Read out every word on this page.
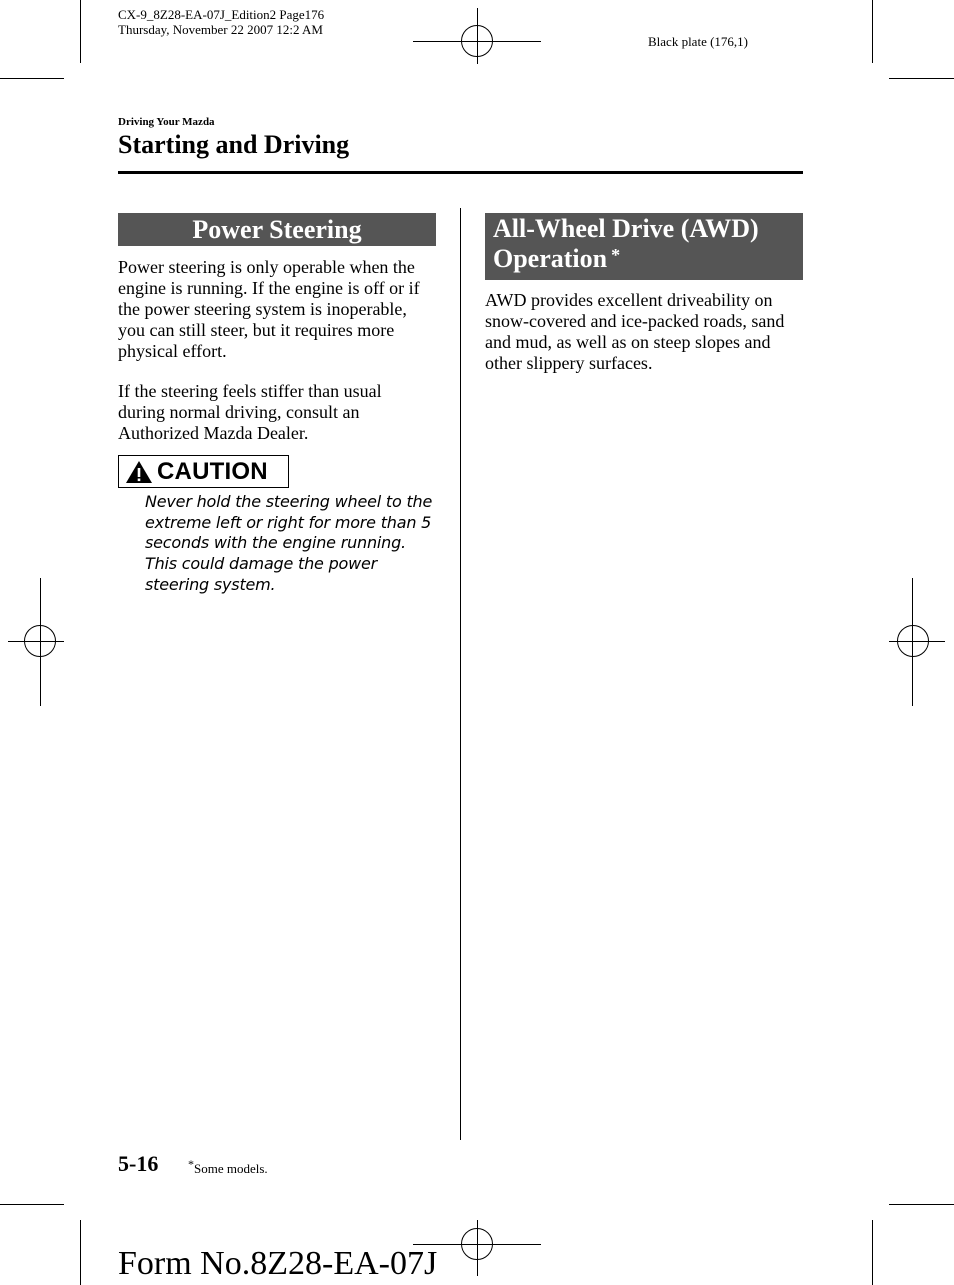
CX-9_8Z28-EA-07J_Edition2 Page176
Thursday, November 22 2007 12:2 AM
Black plate (176,1)
Driving Your Mazda
Starting and Driving
Power Steering
Power steering is only operable when the
engine is running. If the engine is off or if
the power steering system is inoperable,
you can still steer, but it requires more
physical effort.
If the steering feels stiffer than usual
during normal driving, consult an
Authorized Mazda Dealer.
CAUTION
Never hold the steering wheel to the
extreme left or right for more than 5
seconds with the engine running.
This could damage the power
steering system.
All-Wheel Drive (AWD)
Operation *
AWD provides excellent driveability on
snow-covered and ice-packed roads, sand
and mud, as well as on steep slopes and
other slippery surfaces.
5-16 *Some models.
Form No.8Z28-EA-07J
